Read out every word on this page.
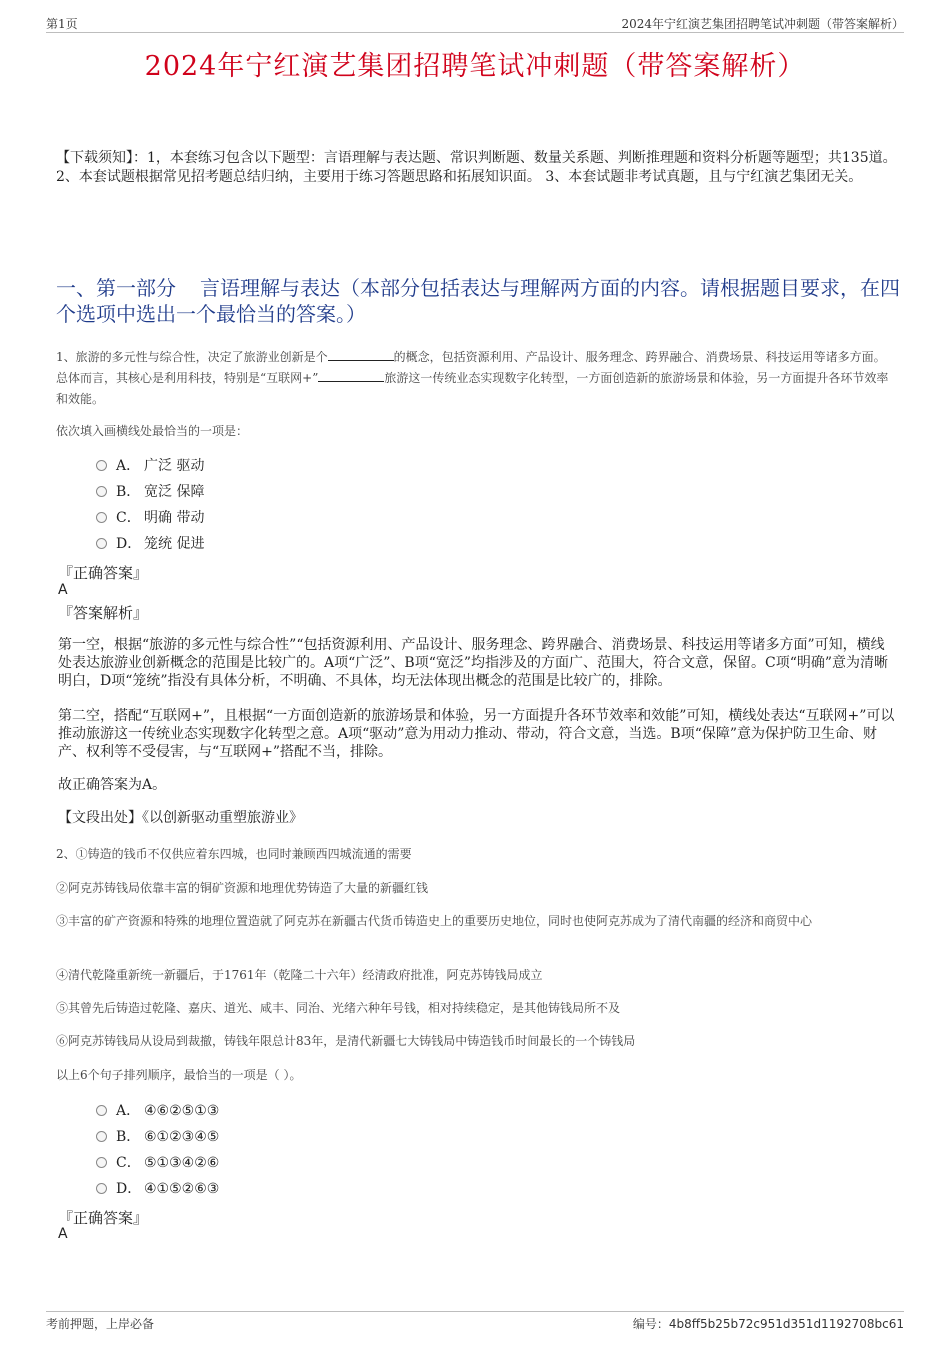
第1页	2024年宁红演艺集团招聘笔试冲刺题（带答案解析）
2024年宁红演艺集团招聘笔试冲刺题（带答案解析）
【下载须知】：1，本套练习包含以下题型：言语理解与表达题、常识判断题、数量关系题、判断推理题和资料分析题等题型；共135道。 2、本套试题根据常见招考题总结归纳，主要用于练习答题思路和拓展知识面。 3、本套试题非考试真题，且与宁红演艺集团无关。
一、第一部分 言语理解与表达（本部分包括表达与理解两方面的内容。请根据题目要求，在四个选项中选出一个最恰当的答案。）
1、旅游的多元性与综合性，决定了旅游业创新是个	的概念，包括资源利用、产品设计、服务理念、跨界融合、消费场景、科技运用等诸多方面。总体而言，其核心是利用科技，特别是“互联网+”	旅游这一传统业态实现数字化转型，一方面创造新的旅游场景和体验，另一方面提升各环节效率和效能。
依次填入画横线处最恰当的一项是：
A． 广泛 驱动
B． 宽泛 保障
C． 明确 带动
D． 笼统 促进
『正确答案』
A
『答案解析』
第一空，根据“旅游的多元性与综合性”“包括资源利用、产品设计、服务理念、跨界融合、消费场景、科技运用等诸多方面”可知，横线处表达旅游业创新概念的范围是比较广的。A项“广泛”、B项“宽泛”均指涉及的方面广、范围大，符合文意，保留。C项“明确”意为清晰明白，D项“笼统”指没有具体分析，不明确、不具体，均无法体现出概念的范围是比较广的，排除。
第二空，搭配“互联网+”，且根据“一方面创造新的旅游场景和体验，另一方面提升各环节效率和效能”可知，横线处表达“互联网+”可以推动旅游这一传统业态实现数字化转型之意。A项“驱动”意为用动力推动、带动，符合文意，当选。B项“保障”意为保护防卫生命、财产、权利等不受侵害，与“互联网+”搭配不当，排除。
故正确答案为A。
【文段出处】《以创新驱动重塑旅游业》
2、①铸造的钱币不仅供应着东四城，也同时兼顾西四城流通的需要
②阿克苏铸钱局依靠丰富的铜矿资源和地理优势铸造了大量的新疆红钱
③丰富的矿产资源和特殊的地理位置造就了阿克苏在新疆古代货币铸造史上的重要历史地位，同时也使阿克苏成为了清代南疆的经济和商贸中心
④清代乾隆重新统一新疆后，于1761年（乾隆二十六年）经清政府批准，阿克苏铸钱局成立
⑤其曾先后铸造过乾隆、嘉庆、道光、咸丰、同治、光绪六种年号钱，相对持续稳定，是其他铸钱局所不及
⑥阿克苏铸钱局从设局到裁撤，铸钱年限总计83年，是清代新疆七大铸钱局中铸造钱币时间最长的一个铸钱局
以上6个句子排列顺序，最恰当的一项是（ ）。
A． ④⑥②⑤①③
B． ⑥①②③④⑤
C． ⑤①③④②⑥
D． ④①⑤②⑥③
『正确答案』
A
考前押题，上岸必备	编号：4b8ff5b25b72c951d351d1192708bc61
